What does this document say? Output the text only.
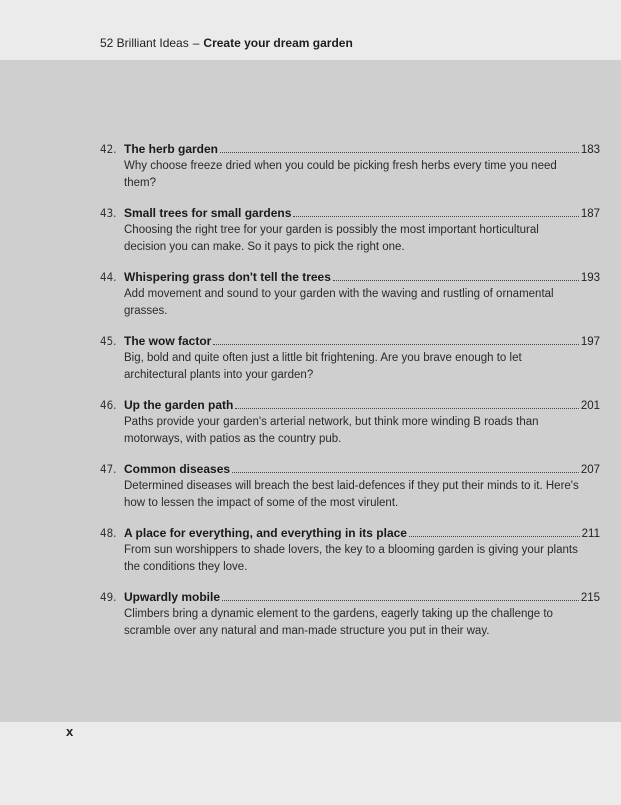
52 Brilliant Ideas – Create your dream garden
42. The herb garden	183
Why choose freeze dried when you could be picking fresh herbs every time you need them?
43. Small trees for small gardens	187
Choosing the right tree for your garden is possibly the most important horticultural decision you can make. So it pays to pick the right one.
44. Whispering grass don't tell the trees	193
Add movement and sound to your garden with the waving and rustling of ornamental grasses.
45. The wow factor	197
Big, bold and quite often just a little bit frightening. Are you brave enough to let architectural plants into your garden?
46. Up the garden path	201
Paths provide your garden's arterial network, but think more winding B roads than motorways, with patios as the country pub.
47. Common diseases	207
Determined diseases will breach the best laid-defences if they put their minds to it. Here's how to lessen the impact of some of the most virulent.
48. A place for everything, and everything in its place	211
From sun worshippers to shade lovers, the key to a blooming garden is giving your plants the conditions they love.
49. Upwardly mobile	215
Climbers bring a dynamic element to the gardens, eagerly taking up the challenge to scramble over any natural and man-made structure you put in their way.
x
